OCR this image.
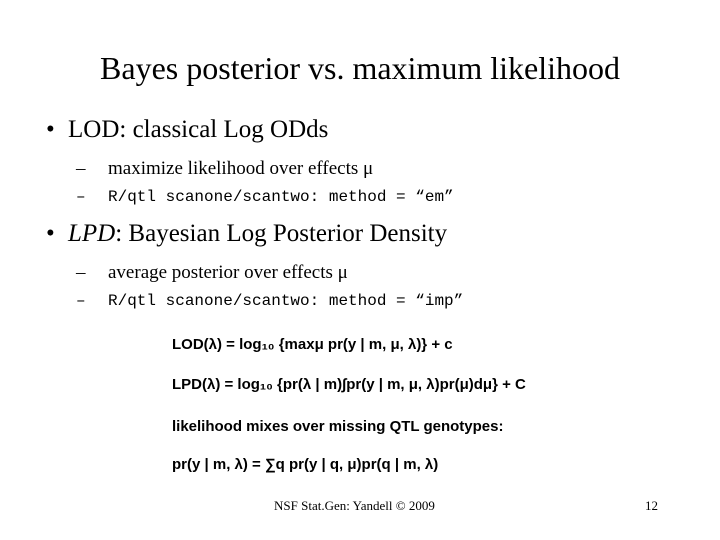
Bayes posterior vs. maximum likelihood
• LOD: classical Log ODds
– maximize likelihood over effects μ
– R/qtl scanone/scantwo: method = “em”
• LPD: Bayesian Log Posterior Density
– average posterior over effects μ
– R/qtl scanone/scantwo: method = “imp”
LOD(λ) = log₁₀ {maxμ pr(y | m, μ, λ)} + c
LPD(λ) = log₁₀ {pr(λ | m)∫pr(y | m, μ, λ)pr(μ)dμ} + C
likelihood mixes over missing QTL genotypes:
pr(y | m, λ) = ∑q pr(y | q, μ)pr(q | m, λ)
NSF Stat.Gen: Yandell © 2009	12
